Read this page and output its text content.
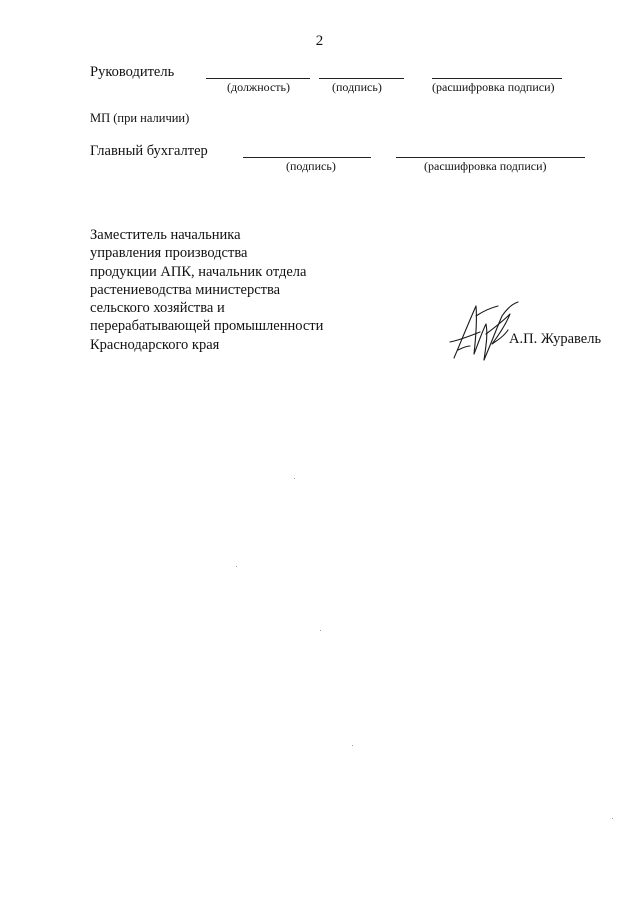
2
Руководитель
(должность)	(подпись)	(расшифровка подписи)
МП (при наличии)
Главный бухгалтер
(подпись)	(расшифровка подписи)
Заместитель начальника
управления производства
продукции АПК, начальник отдела
растениеводства министерства
сельского хозяйства и
перерабатывающей промышленности
Краснодарского края	А.П. Журавель
